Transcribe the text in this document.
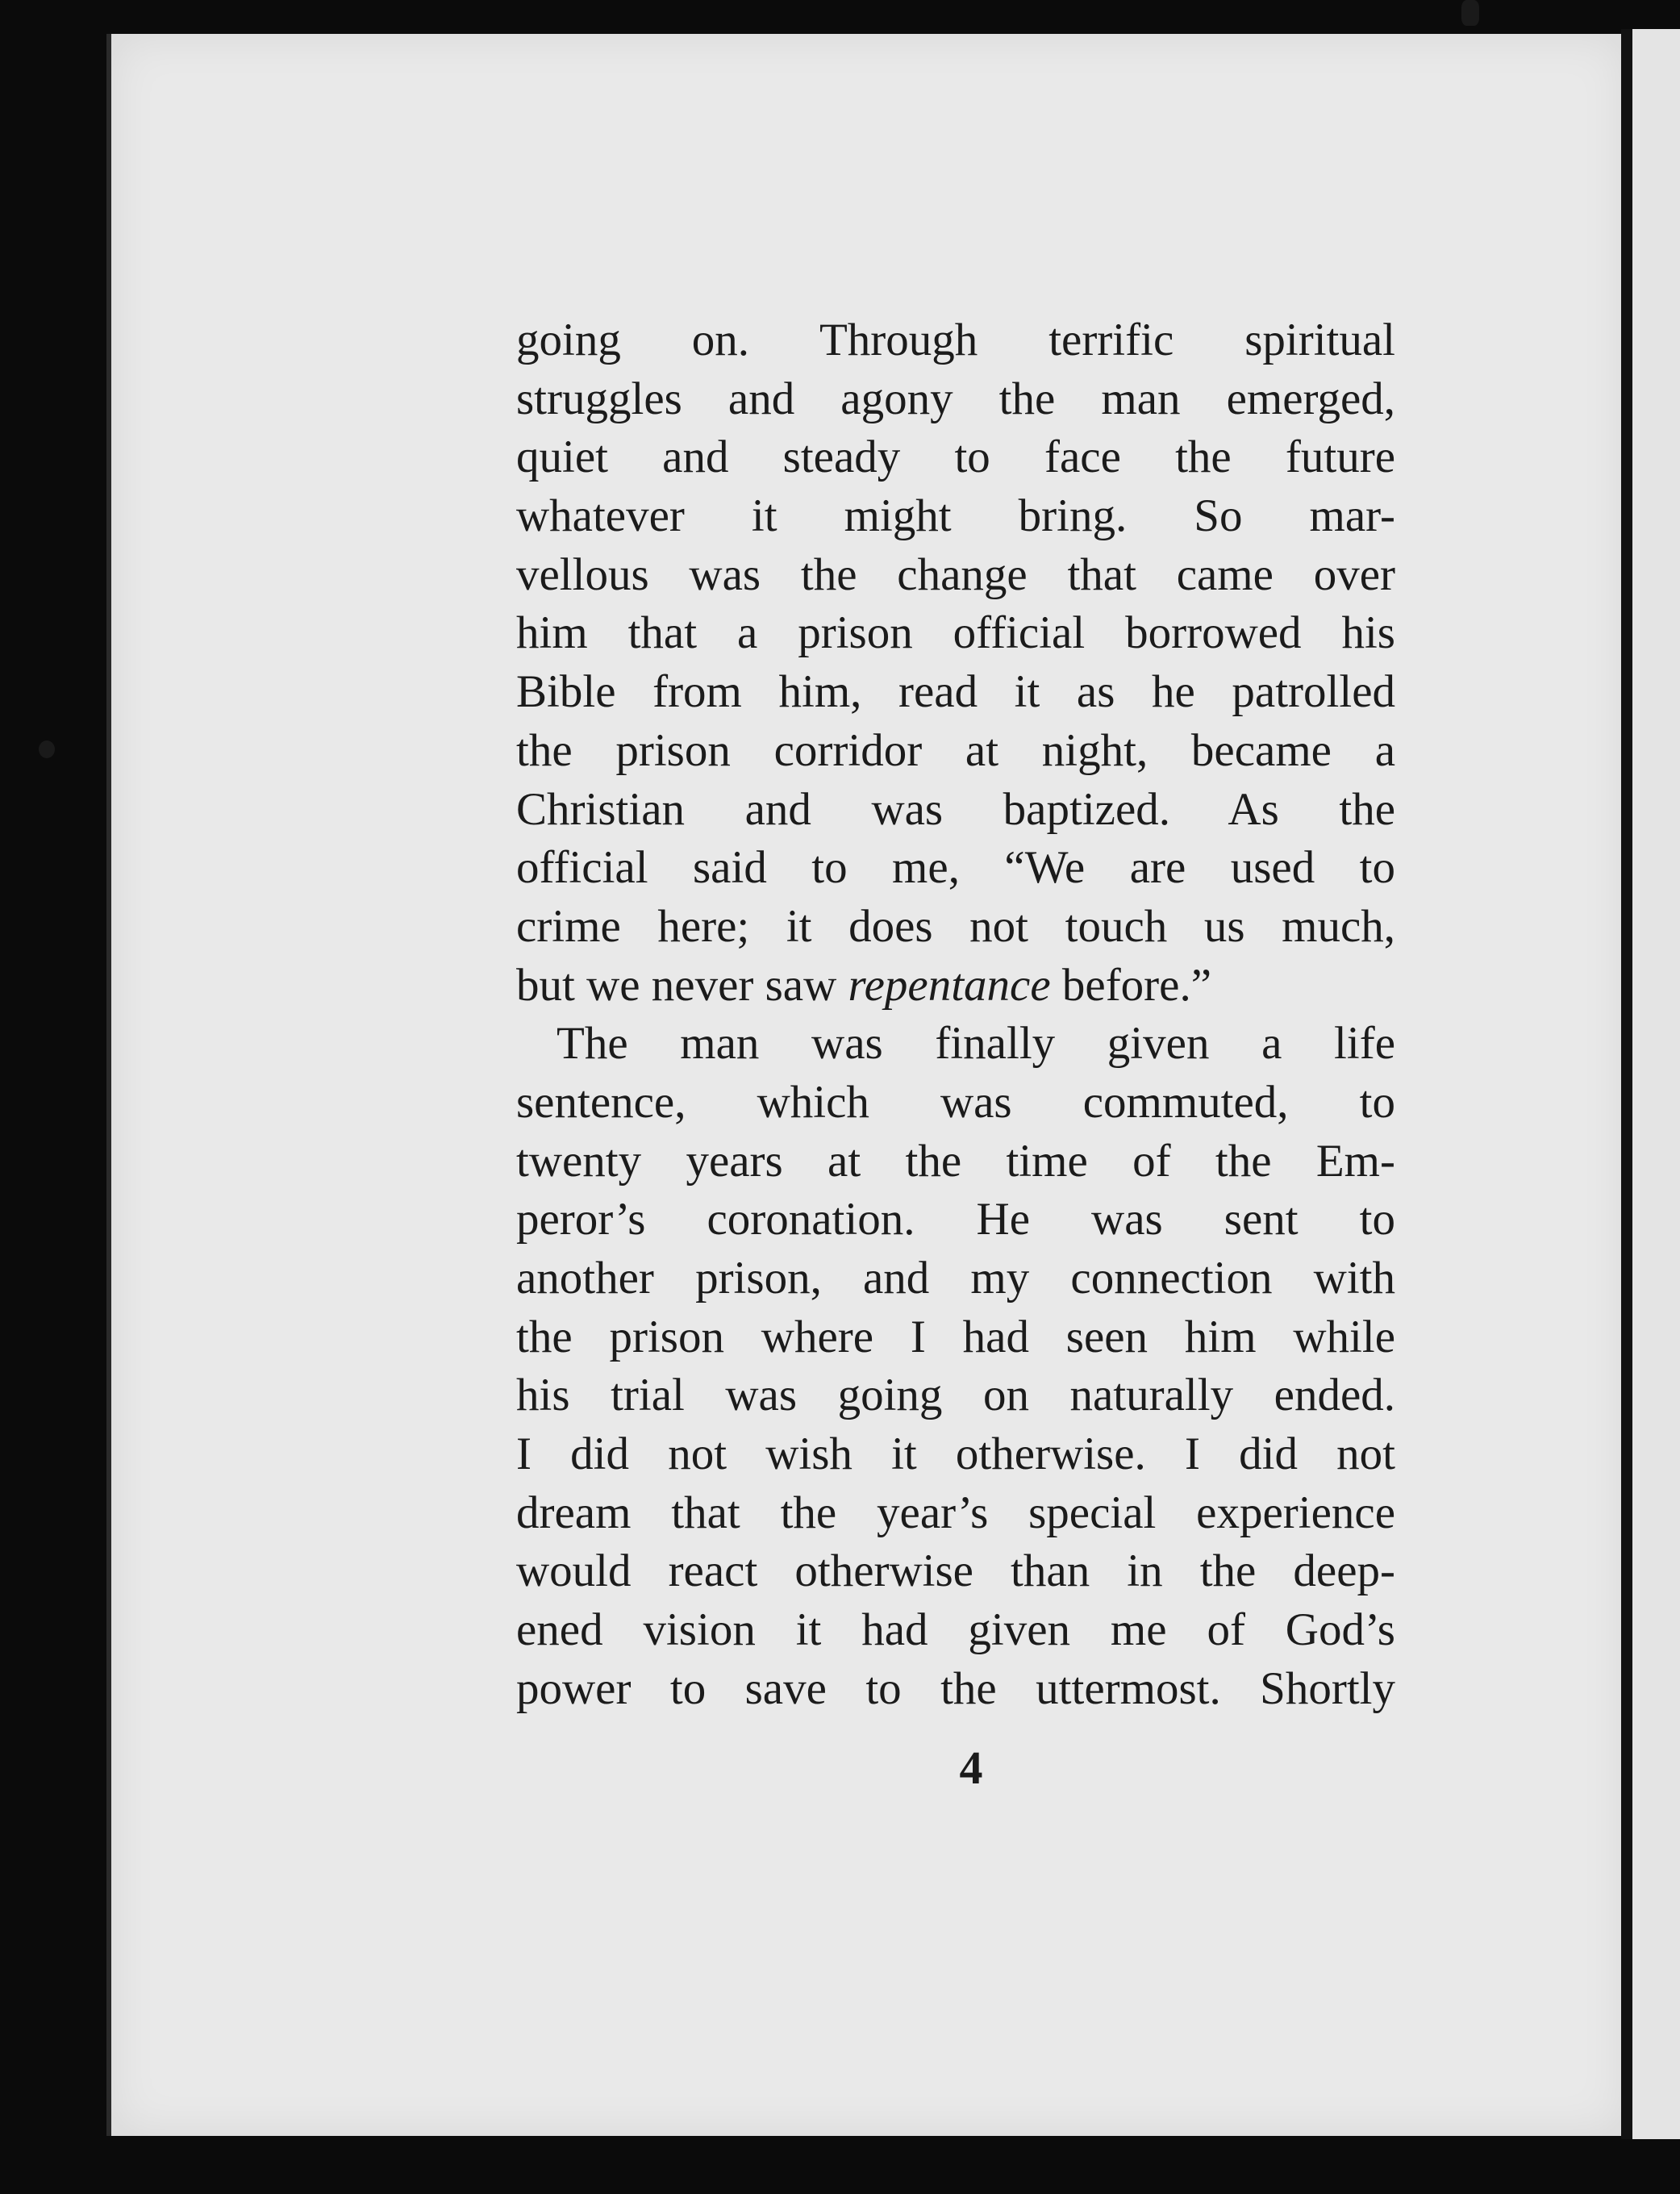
going on. Through terrific spiritual
struggles and agony the man emerged,
quiet and steady to face the future
whatever it might bring. So mar-
vellous was the change that came over
him that a prison official borrowed his
Bible from him, read it as he patrolled
the prison corridor at night, became a
Christian and was baptized. As the
official said to me, “We are used to
crime here; it does not touch us much,
but we never saw repentance before.”
The man was finally given a life
sentence, which was commuted, to
twenty years at the time of the Em-
peror’s coronation. He was sent to
another prison, and my connection with
the prison where I had seen him while
his trial was going on naturally ended.
I did not wish it otherwise. I did not
dream that the year’s special experience
would react otherwise than in the deep-
ened vision it had given me of God’s
power to save to the uttermost. Shortly
4
